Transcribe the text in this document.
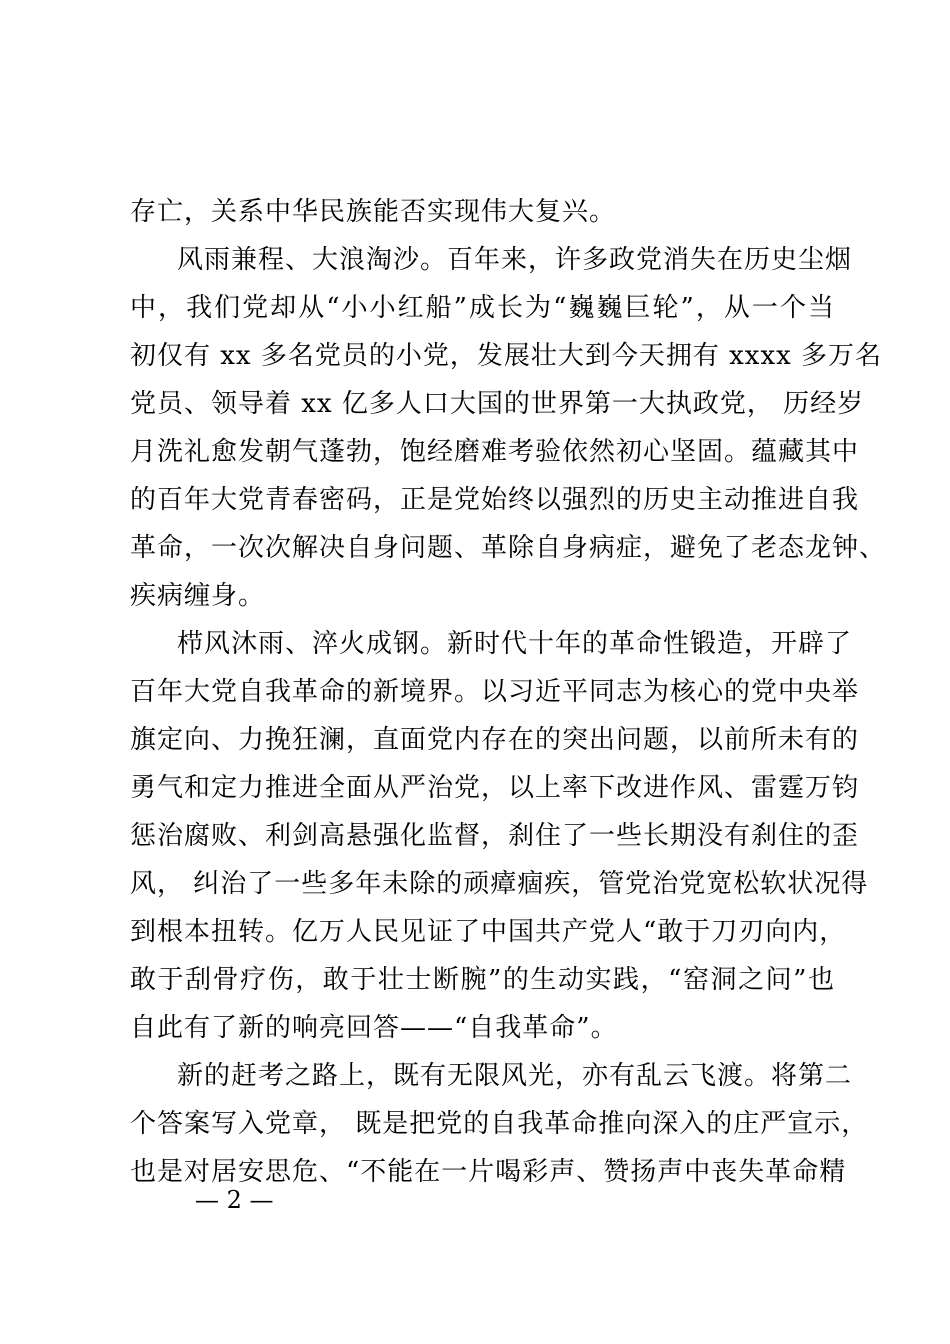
存亡，关系中华民族能否实现伟大复兴。
风雨兼程、大浪淘沙。百年来，许多政党消失在历史尘烟
中，我们党却从“小小红船”成长为“巍巍巨轮”，从一个当
初仅有 xx 多名党员的小党，发展壮大到今天拥有 xxxx 多万名
党员、领导着 xx 亿多人口大国的世界第一大执政党， 历经岁
月洗礼愈发朝气蓬勃，饱经磨难考验依然初心坚固。蕴藏其中
的百年大党青春密码，正是党始终以强烈的历史主动推进自我
革命，一次次解决自身问题、革除自身病症，避免了老态龙钟、
疾病缠身。
栉风沐雨、淬火成钢。新时代十年的革命性锻造，开辟了
百年大党自我革命的新境界。以习近平同志为核心的党中央举
旗定向、力挽狂澜，直面党内存在的突出问题，以前所未有的
勇气和定力推进全面从严治党，以上率下改进作风、雷霆万钧
惩治腐败、利剑高悬强化监督，刹住了一些长期没有刹住的歪
风， 纠治了一些多年未除的顽瘴痼疾，管党治党宽松软状况得
到根本扭转。亿万人民见证了中国共产党人“敢于刀刃向内，
敢于刮骨疗伤，敢于壮士断腕”的生动实践，“窑洞之问”也
自此有了新的响亮回答——“自我革命”。
新的赶考之路上，既有无限风光，亦有乱云飞渡。将第二
个答案写入党章， 既是把党的自我革命推向深入的庄严宣示，
也是对居安思危、“不能在一片喝彩声、赞扬声中丧失革命精
— 2 —
